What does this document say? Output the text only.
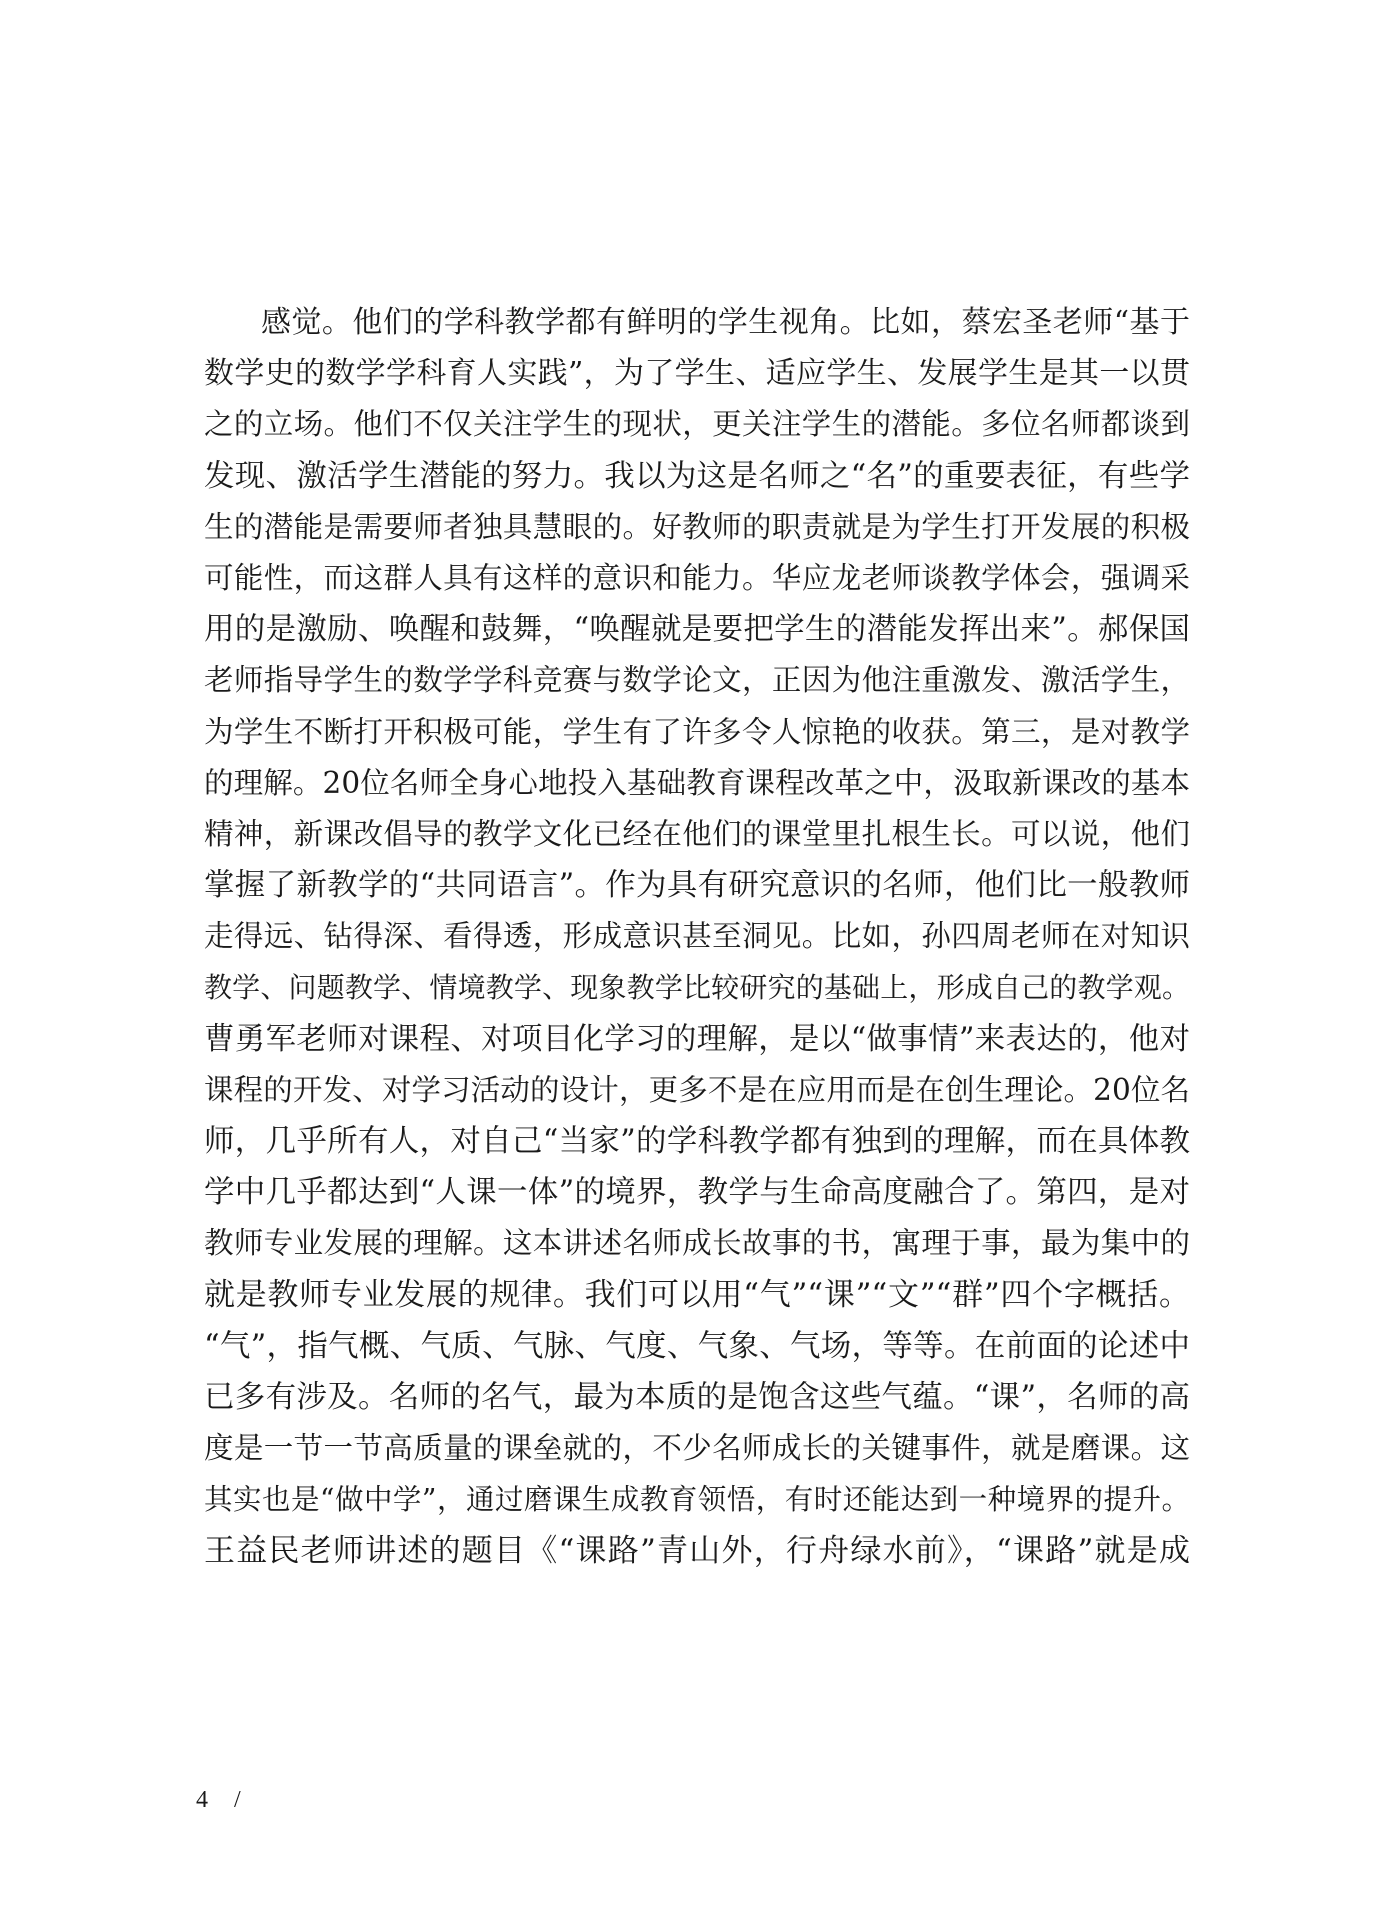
感觉。他们的学科教学都有鲜明的学生视角。比如，蔡宏圣老师“基于
数学史的数学学科育人实践”，为了学生、适应学生、发展学生是其一以贯
之的立场。他们不仅关注学生的现状，更关注学生的潜能。多位名师都谈到
发现、激活学生潜能的努力。我以为这是名师之“名”的重要表征，有些学
生的潜能是需要师者独具慧眼的。好教师的职责就是为学生打开发展的积极
可能性，而这群人具有这样的意识和能力。华应龙老师谈教学体会，强调采
用的是激励、唤醒和鼓舞，“唤醒就是要把学生的潜能发挥出来”。郝保国
老师指导学生的数学学科竞赛与数学论文，正因为他注重激发、激活学生，
为学生不断打开积极可能，学生有了许多令人惊艳的收获。第三，是对教学
的理解。20位名师全身心地投入基础教育课程改革之中，汲取新课改的基本
精神，新课改倡导的教学文化已经在他们的课堂里扎根生长。可以说，他们
掌握了新教学的“共同语言”。作为具有研究意识的名师，他们比一般教师
走得远、钻得深、看得透，形成意识甚至洞见。比如，孙四周老师在对知识
教学、问题教学、情境教学、现象教学比较研究的基础上，形成自己的教学观。
曹勇军老师对课程、对项目化学习的理解，是以“做事情”来表达的，他对
课程的开发、对学习活动的设计，更多不是在应用而是在创生理论。20位名
师，几乎所有人，对自己“当家”的学科教学都有独到的理解，而在具体教
学中几乎都达到“人课一体”的境界，教学与生命高度融合了。第四，是对
教师专业发展的理解。这本讲述名师成长故事的书，寓理于事，最为集中的
就是教师专业发展的规律。我们可以用“气”“课”“文”“群”四个字概括。
“气”，指气概、气质、气脉、气度、气象、气场，等等。在前面的论述中
已多有涉及。名师的名气，最为本质的是饱含这些气蕴。“课”，名师的高
度是一节一节高质量的课垒就的，不少名师成长的关键事件，就是磨课。这
其实也是“做中学”，通过磨课生成教育领悟，有时还能达到一种境界的提升。
王益民老师讲述的题目《“课路”青山外，行舟绿水前》，“课路”就是成
4 /
